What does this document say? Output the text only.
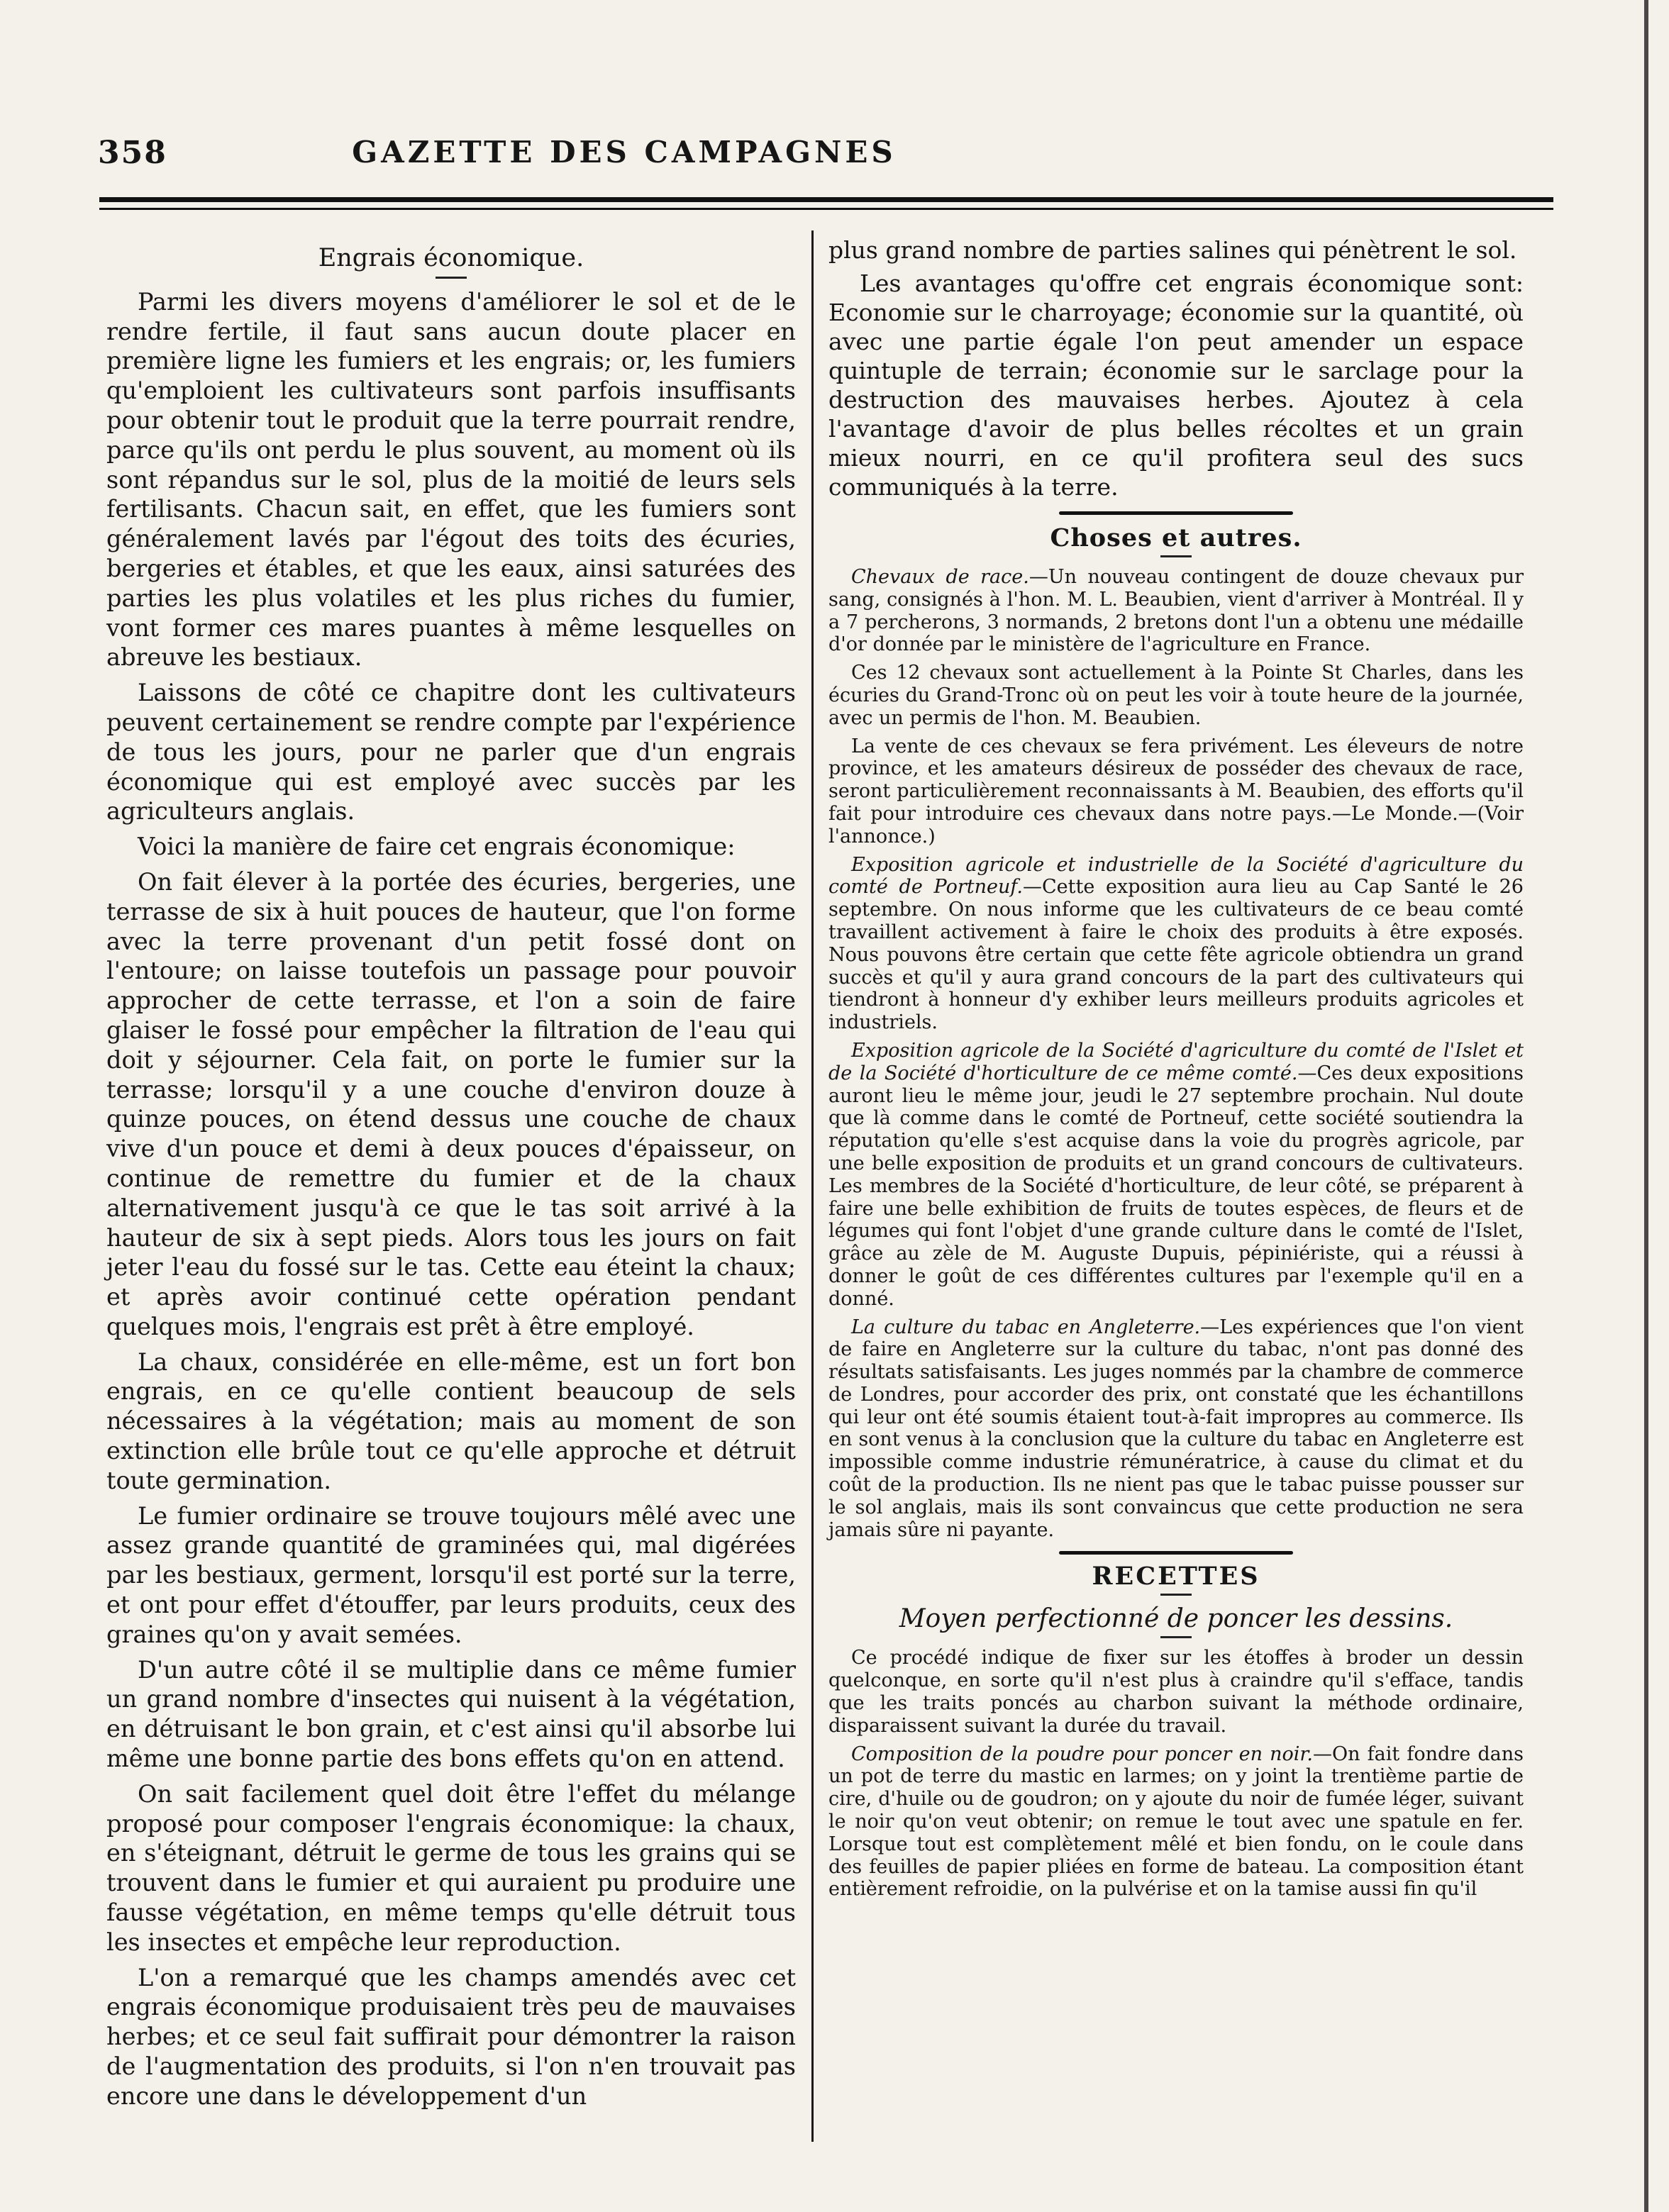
358	GAZETTE DES CAMPAGNES
Engrais économique.

Parmi les divers moyens d'améliorer le sol et de le rendre fertile, il faut sans aucun doute placer en première ligne les fumiers et les engrais; or, les fumiers qu'emploient les cultivateurs sont parfois insuffisants pour obtenir tout le produit que la terre pourrait rendre, parce qu'ils ont perdu le plus souvent, au moment où ils sont répandus sur le sol, plus de la moitié de leurs sels fertilisants. Chacun sait, en effet, que les fumiers sont généralement lavés par l'égout des toits des écuries, bergeries et étables, et que les eaux, ainsi saturées des parties les plus volatiles et les plus riches du fumier, vont former ces mares puantes à même lesquelles on abreuve les bestiaux.

Laissons de côté ce chapitre dont les cultivateurs peuvent certainement se rendre compte par l'expérience de tous les jours, pour ne parler que d'un engrais économique qui est employé avec succès par les agriculteurs anglais.

Voici la manière de faire cet engrais économique:

On fait élever à la portée des écuries, bergeries, une terrasse de six à huit pouces de hauteur, que l'on forme avec la terre provenant d'un petit fossé dont on l'entoure; on laisse toutefois un passage pour pouvoir approcher de cette terrasse, et l'on a soin de faire glaiser le fossé pour empêcher la filtration de l'eau qui doit y séjourner. Cela fait, on porte le fumier sur la terrasse; lorsqu'il y a une couche d'environ douze à quinze pouces, on étend dessus une couche de chaux vive d'un pouce et demi à deux pouces d'épaisseur, on continue de remettre du fumier et de la chaux alternativement jusqu'à ce que le tas soit arrivé à la hauteur de six à sept pieds. Alors tous les jours on fait jeter l'eau du fossé sur le tas. Cette eau éteint la chaux; et après avoir continué cette opération pendant quelques mois, l'engrais est prêt à être employé.

La chaux, considérée en elle-même, est un fort bon engrais, en ce qu'elle contient beaucoup de sels nécessaires à la végétation; mais au moment de son extinction elle brûle tout ce qu'elle approche et détruit toute germination.

Le fumier ordinaire se trouve toujours mêlé avec une assez grande quantité de graminées qui, mal digérées par les bestiaux, germent, lorsqu'il est porté sur la terre, et ont pour effet d'étouffer, par leurs produits, ceux des graines qu'on y avait semées.

D'un autre côté il se multiplie dans ce même fumier un grand nombre d'insectes qui nuisent à la végétation, en détruisant le bon grain, et c'est ainsi qu'il absorbe lui même une bonne partie des bons effets qu'on en attend.

On sait facilement quel doit être l'effet du mélange proposé pour composer l'engrais économique: la chaux, en s'éteignant, détruit le germe de tous les grains qui se trouvent dans le fumier et qui auraient pu produire une fausse végétation, en même temps qu'elle détruit tous les insectes et empêche leur reproduction.

L'on a remarqué que les champs amendés avec cet engrais économique produisaient très peu de mauvaises herbes; et ce seul fait suffirait pour démontrer la raison de l'augmentation des produits, si l'on n'en trouvait pas encore une dans le développement d'un

plus grand nombre de parties salines qui pénètrent le sol.

Les avantages qu'offre cet engrais économique sont: Economie sur le charroyage; économie sur la quantité, où avec une partie égale l'on peut amender un espace quintuple de terrain; économie sur le sarclage pour la destruction des mauvaises herbes. Ajoutez à cela l'avantage d'avoir de plus belles récoltes et un grain mieux nourri, en ce qu'il profitera seul des sucs communiqués à la terre.

Choses et autres.

Chevaux de race.—Un nouveau contingent de douze chevaux pur sang, consignés à l'hon. M. L. Beaubien, vient d'arriver à Montréal. Il y a 7 percherons, 3 normands, 2 bretons dont l'un a obtenu une médaille d'or donnée par le ministère de l'agriculture en France.

Ces 12 chevaux sont actuellement à la Pointe St Charles, dans les écuries du Grand-Tronc où on peut les voir à toute heure de la journée, avec un permis de l'hon. M. Beaubien.

La vente de ces chevaux se fera privément. Les éleveurs de notre province, et les amateurs désireux de posséder des chevaux de race, seront particulièrement reconnaissants à M. Beaubien, des efforts qu'il fait pour introduire ces chevaux dans notre pays.—Le Monde.—(Voir l'annonce.)

Exposition agricole et industrielle de la Société d'agriculture du comté de Portneuf.—Cette exposition aura lieu au Cap Santé le 26 septembre. On nous informe que les cultivateurs de ce beau comté travaillent activement à faire le choix des produits à être exposés. Nous pouvons être certain que cette fête agricole obtiendra un grand succès et qu'il y aura grand concours de la part des cultivateurs qui tiendront à honneur d'y exhiber leurs meilleurs produits agricoles et industriels.

Exposition agricole de la Société d'agriculture du comté de l'Islet et de la Société d'horticulture de ce même comté.—Ces deux expositions auront lieu le même jour, jeudi le 27 septembre prochain. Nul doute que là comme dans le comté de Portneuf, cette société soutiendra la réputation qu'elle s'est acquise dans la voie du progrès agricole, par une belle exposition de produits et un grand concours de cultivateurs. Les membres de la Société d'horticulture, de leur côté, se préparent à faire une belle exhibition de fruits de toutes espèces, de fleurs et de légumes qui font l'objet d'une grande culture dans le comté de l'Islet, grâce au zèle de M. Auguste Dupuis, pépiniériste, qui a réussi à donner le goût de ces différentes cultures par l'exemple qu'il en a donné.

La culture du tabac en Angleterre.—Les expériences que l'on vient de faire en Angleterre sur la culture du tabac, n'ont pas donné des résultats satisfaisants. Les juges nommés par la chambre de commerce de Londres, pour accorder des prix, ont constaté que les échantillons qui leur ont été soumis étaient tout-à-fait impropres au commerce. Ils en sont venus à la conclusion que la culture du tabac en Angleterre est impossible comme industrie rémunératrice, à cause du climat et du coût de la production. Ils ne nient pas que le tabac puisse pousser sur le sol anglais, mais ils sont convaincus que cette production ne sera jamais sûre ni payante.

RECETTES
Moyen perfectionné de poncer les dessins.

Ce procédé indique de fixer sur les étoffes à broder un dessin quelconque, en sorte qu'il n'est plus à craindre qu'il s'efface, tandis que les traits poncés au charbon suivant la méthode ordinaire, disparaissent suivant la durée du travail.

Composition de la poudre pour poncer en noir.—On fait fondre dans un pot de terre du mastic en larmes; on y joint la trentième partie de cire, d'huile ou de goudron; on y ajoute du noir de fumée léger, suivant le noir qu'on veut obtenir; on remue le tout avec une spatule en fer. Lorsque tout est complètement mêlé et bien fondu, on le coule dans des feuilles de papier pliées en forme de bateau. La composition étant entièrement refroidie, on la pulvérise et on la tamise aussi fin qu'il
